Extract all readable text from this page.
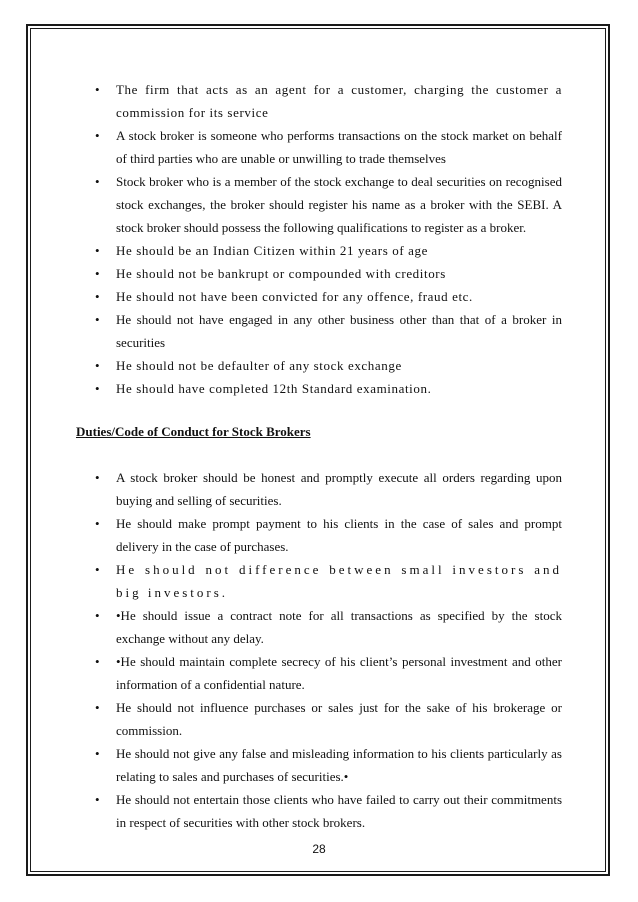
• The firm that acts as an agent for a customer, charging the customer a commission for its service
• A stock broker is someone who performs transactions on the stock market on behalf of third parties who are unable or unwilling to trade themselves
• Stock broker who is a member of the stock exchange to deal securities on recognised stock exchanges, the broker should register his name as a broker with the SEBI. A stock broker should possess the following qualifications to register as a broker.
• He should be an Indian Citizen within 21 years of age
• He should not be bankrupt or compounded with creditors
• He should not have been convicted for any offence, fraud etc.
• He should not have engaged in any other business other than that of a broker in securities
• He should not be defaulter of any stock exchange
• He should have completed 12th Standard examination.
Duties/Code of Conduct for Stock Brokers
• A stock broker should be honest and promptly execute all orders regarding upon buying and selling of securities.
• He should make prompt payment to his clients in the case of sales and prompt delivery in the case of purchases.
• He should not difference between small investors and big investors.
• •He should issue a contract note for all transactions as specified by the stock exchange without any delay.
• •He should maintain complete secrecy of his client’s personal investment and other information of a confidential nature.
• He should not influence purchases or sales just for the sake of his brokerage or commission.
• He should not give any false and misleading information to his clients particularly as relating to sales and purchases of securities.•
• He should not entertain those clients who have failed to carry out their commitments in respect of securities with other stock brokers.
28
